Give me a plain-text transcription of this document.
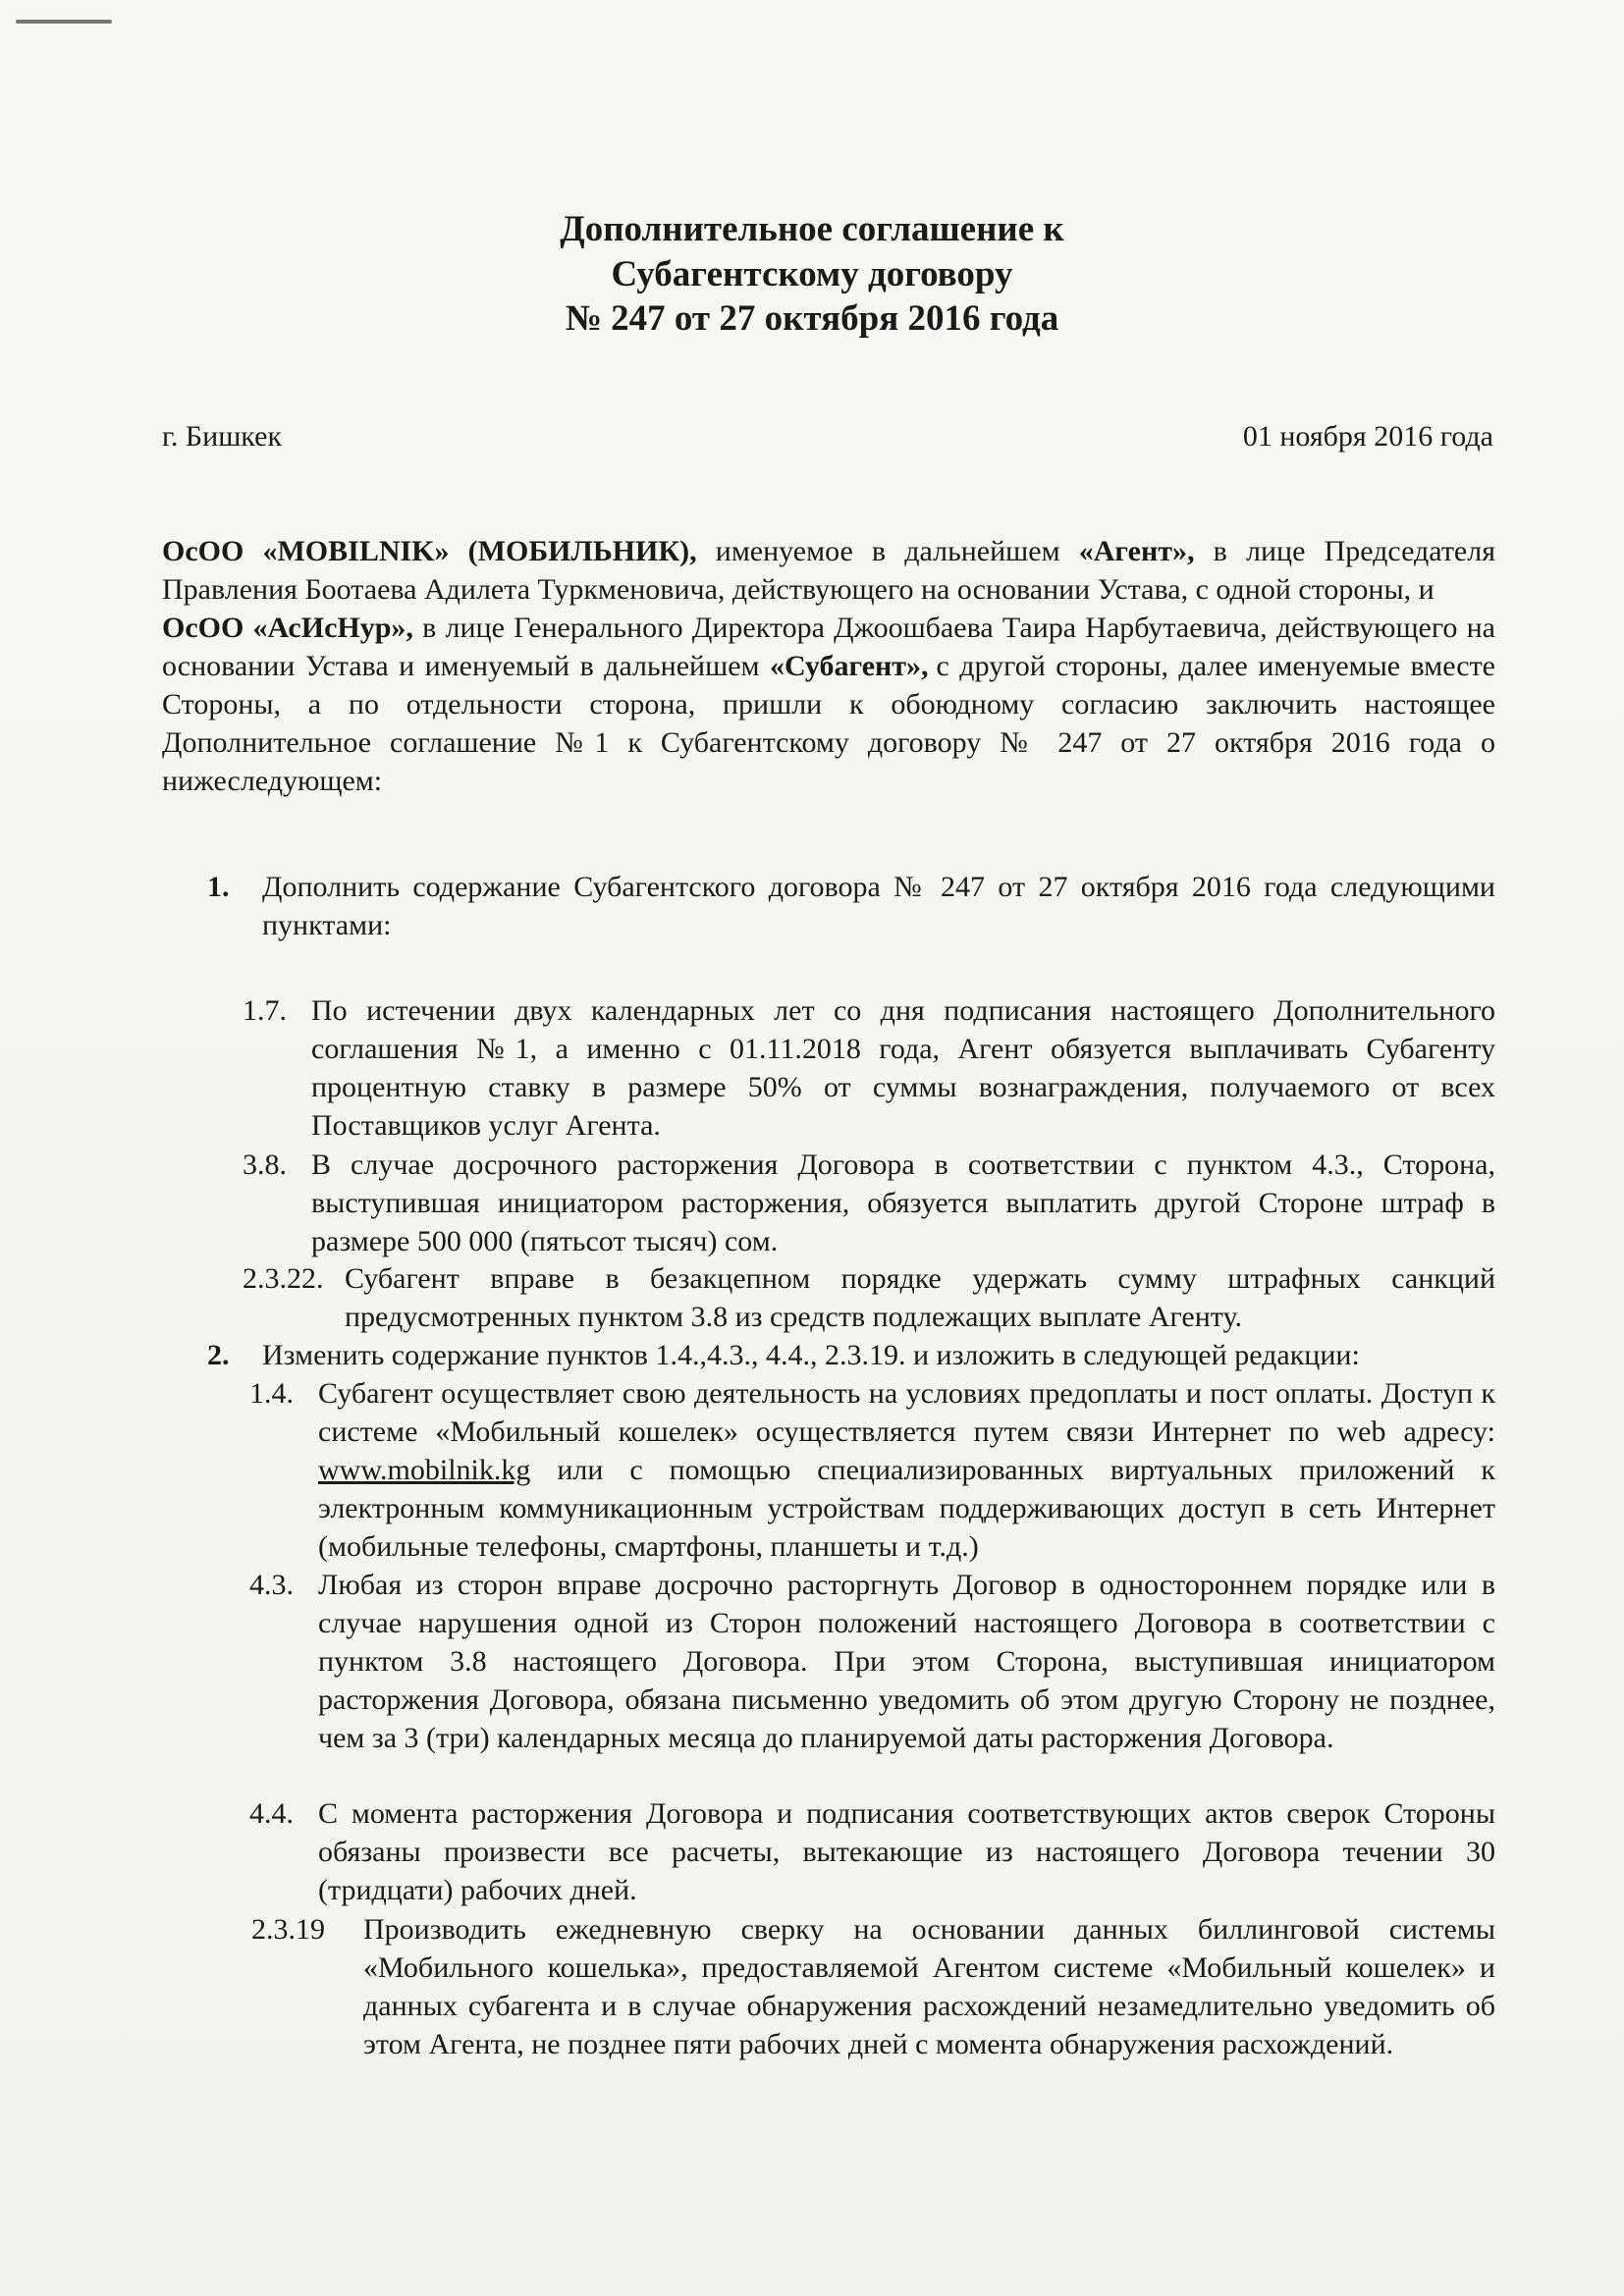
Дополнительное соглашение к
Субагентскому договору
№ 247 от 27 октября 2016 года
г. Бишкек	01 ноября 2016 года

ОсОО «MOBILNIK» (МОБИЛЬНИК), именуемое в дальнейшем «Агент», в лице Председателя Правления Боотаева Адилета Туркменовича, действующего на основании Устава, с одной стороны, и

ОсОО «АсИсНур», в лице Генерального Директора Джоошбаева Таира Нарбутаевича, действующего на основании Устава и именуемый в дальнейшем «Субагент», с другой стороны, далее именуемые вместе Стороны, а по отдельности сторона, пришли к обоюдному согласию заключить настоящее Дополнительное соглашение №1 к Субагентскому договору № 247 от 27 октября 2016 года о нижеследующем:

1. Дополнить содержание Субагентского договора № 247 от 27 октября 2016 года следующими пунктами:
1.7. По истечении двух календарных лет со дня подписания настоящего Дополнительного соглашения №1, а именно с 01.11.2018 года, Агент обязуется выплачивать Субагенту процентную ставку в размере 50% от суммы вознаграждения, получаемого от всех Поставщиков услуг Агента.
3.8. В случае досрочного расторжения Договора в соответствии с пунктом 4.3., Сторона, выступившая инициатором расторжения, обязуется выплатить другой Стороне штраф в размере 500 000 (пятьсот тысяч) сом.
2.3.22. Субагент вправе в безакцепном порядке удержать сумму штрафных санкций предусмотренных пунктом 3.8 из средств подлежащих выплате Агенту.
2. Изменить содержание пунктов 1.4.,4.3., 4.4., 2.3.19. и изложить в следующей редакции:
1.4. Субагент осуществляет свою деятельность на условиях предоплаты и пост оплаты. Доступ к системе «Мобильный кошелек» осуществляется путем связи Интернет по web адресу: www.mobilnik.kg или с помощью специализированных виртуальных приложений к электронным коммуникационным устройствам поддерживающих доступ в сеть Интернет (мобильные телефоны, смартфоны, планшеты и т.д.)
4.3. Любая из сторон вправе досрочно расторгнуть Договор в одностороннем порядке или в случае нарушения одной из Сторон положений настоящего Договора в соответствии с пунктом 3.8 настоящего Договора. При этом Сторона, выступившая инициатором расторжения Договора, обязана письменно уведомить об этом другую Сторону не позднее, чем за 3 (три) календарных месяца до планируемой даты расторжения Договора.
4.4. С момента расторжения Договора и подписания соответствующих актов сверок Стороны обязаны произвести все расчеты, вытекающие из настоящего Договора течении 30 (тридцати) рабочих дней.
2.3.19 Производить ежедневную сверку на основании данных биллинговой системы «Мобильного кошелька», предоставляемой Агентом системе «Мобильный кошелек» и данных субагента и в случае обнаружения расхождений незамедлительно уведомить об этом Агента, не позднее пяти рабочих дней с момента обнаружения расхождений.
